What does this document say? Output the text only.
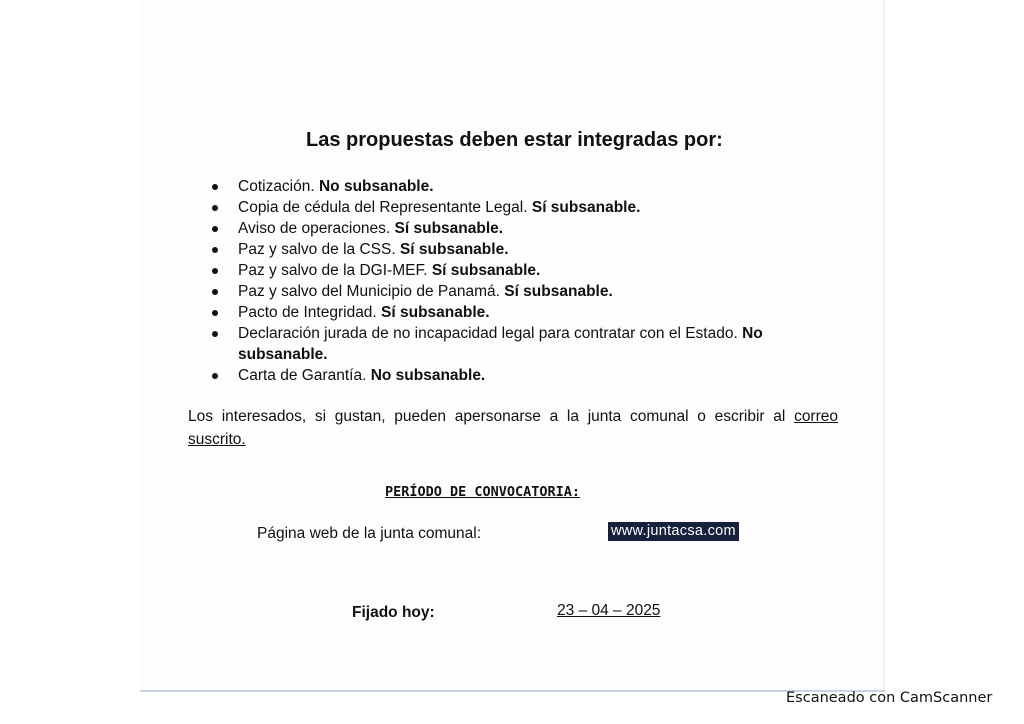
Las propuestas deben estar integradas por:
Cotización. No subsanable.
Copia de cédula del Representante Legal. Sí subsanable.
Aviso de operaciones. Sí subsanable.
Paz y salvo de la CSS. Sí subsanable.
Paz y salvo de la DGI-MEF. Sí subsanable.
Paz y salvo del Municipio de Panamá. Sí subsanable.
Pacto de Integridad. Sí subsanable.
Declaración jurada de no incapacidad legal para contratar con el Estado. No subsanable.
Carta de Garantía. No subsanable.
Los interesados, si gustan, pueden apersonarse a la junta comunal o escribir al correo suscrito.
PERÍODO DE CONVOCATORIA:
Página web de la junta comunal:	www.juntacsa.com
Fijado hoy:	23 – 04 – 2025
Escaneado con CamScanner
